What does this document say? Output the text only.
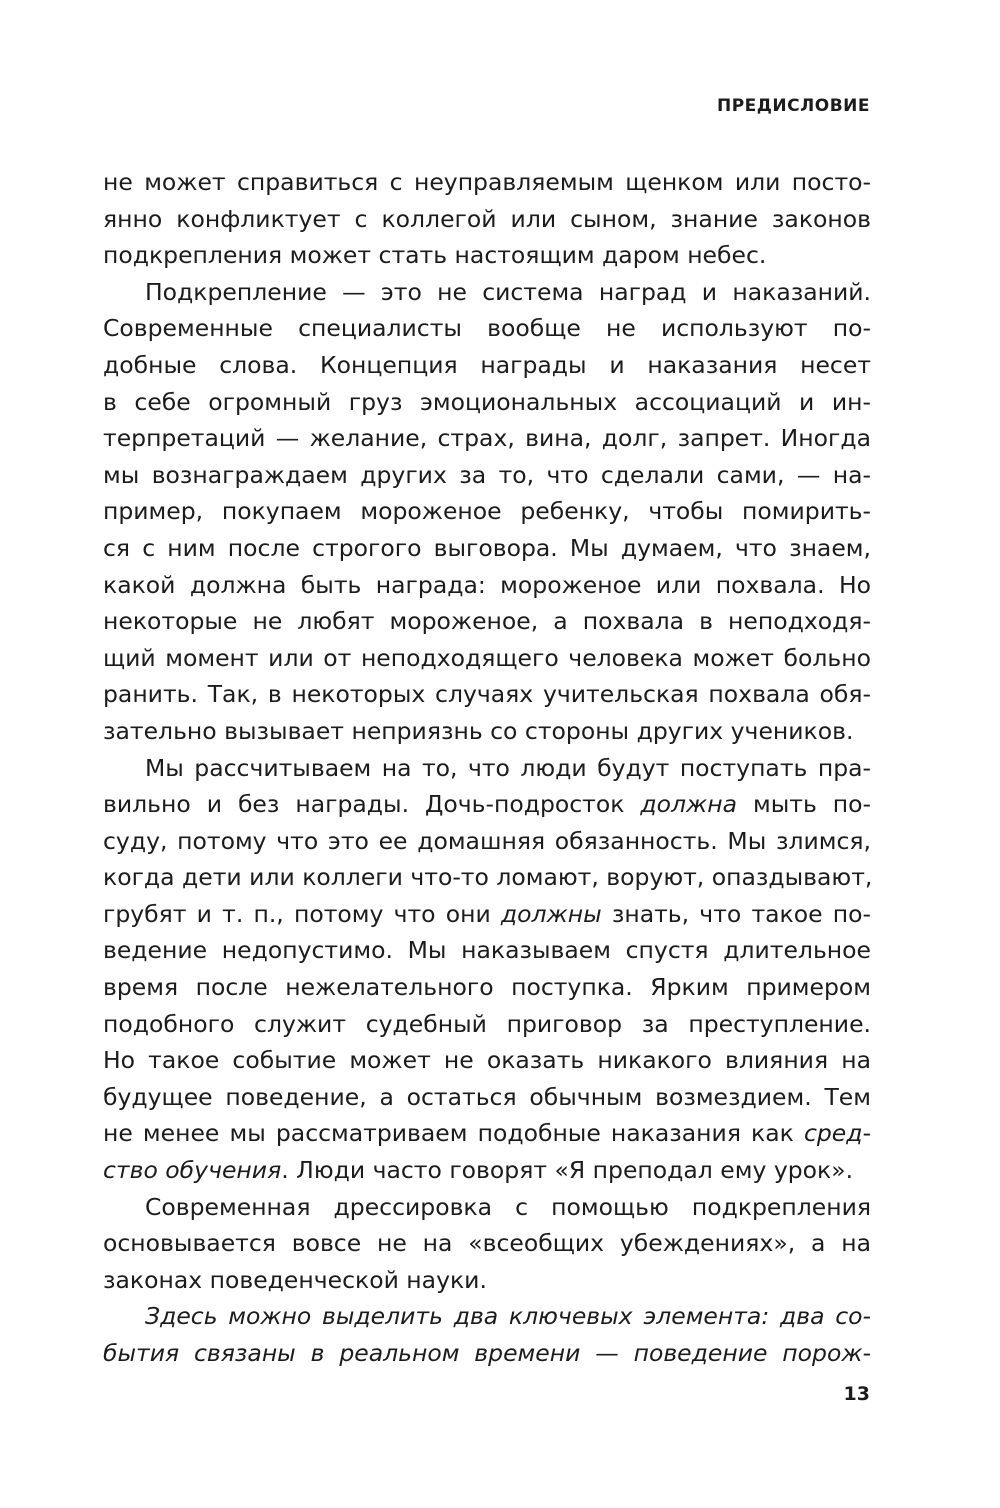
ПРЕДИСЛОВИЕ
не может справиться с неуправляемым щенком или посто-
янно конфликтует с коллегой или сыном, знание законов
подкрепления может стать настоящим даром небес.
Подкрепление — это не система наград и наказаний.
Современные специалисты вообще не используют по-
добные слова. Концепция награды и наказания несет
в себе огромный груз эмоциональных ассоциаций и ин-
терпретаций — желание, страх, вина, долг, запрет. Иногда
мы вознаграждаем других за то, что сделали сами, — на-
пример, покупаем мороженое ребенку, чтобы помирить-
ся с ним после строгого выговора. Мы думаем, что знаем,
какой должна быть награда: мороженое или похвала. Но
некоторые не любят мороженое, а похвала в неподходя-
щий момент или от неподходящего человека может больно
ранить. Так, в некоторых случаях учительская похвала обя-
зательно вызывает неприязнь со стороны других учеников.
Мы рассчитываем на то, что люди будут поступать пра-
вильно и без награды. Дочь-подросток должна мыть по-
суду, потому что это ее домашняя обязанность. Мы злимся,
когда дети или коллеги что-то ломают, воруют, опаздывают,
грубят и т. п., потому что они должны знать, что такое по-
ведение недопустимо. Мы наказываем спустя длительное
время после нежелательного поступка. Ярким примером
подобного служит судебный приговор за преступление.
Но такое событие может не оказать никакого влияния на
будущее поведение, а остаться обычным возмездием. Тем
не менее мы рассматриваем подобные наказания как сред-
ство обучения. Люди часто говорят «Я преподал ему урок».
Современная дрессировка с помощью подкрепления
основывается вовсе не на «всеобщих убеждениях», а на
законах поведенческой науки.
Здесь можно выделить два ключевых элемента: два со-
бытия связаны в реальном времени — поведение порож-
13
